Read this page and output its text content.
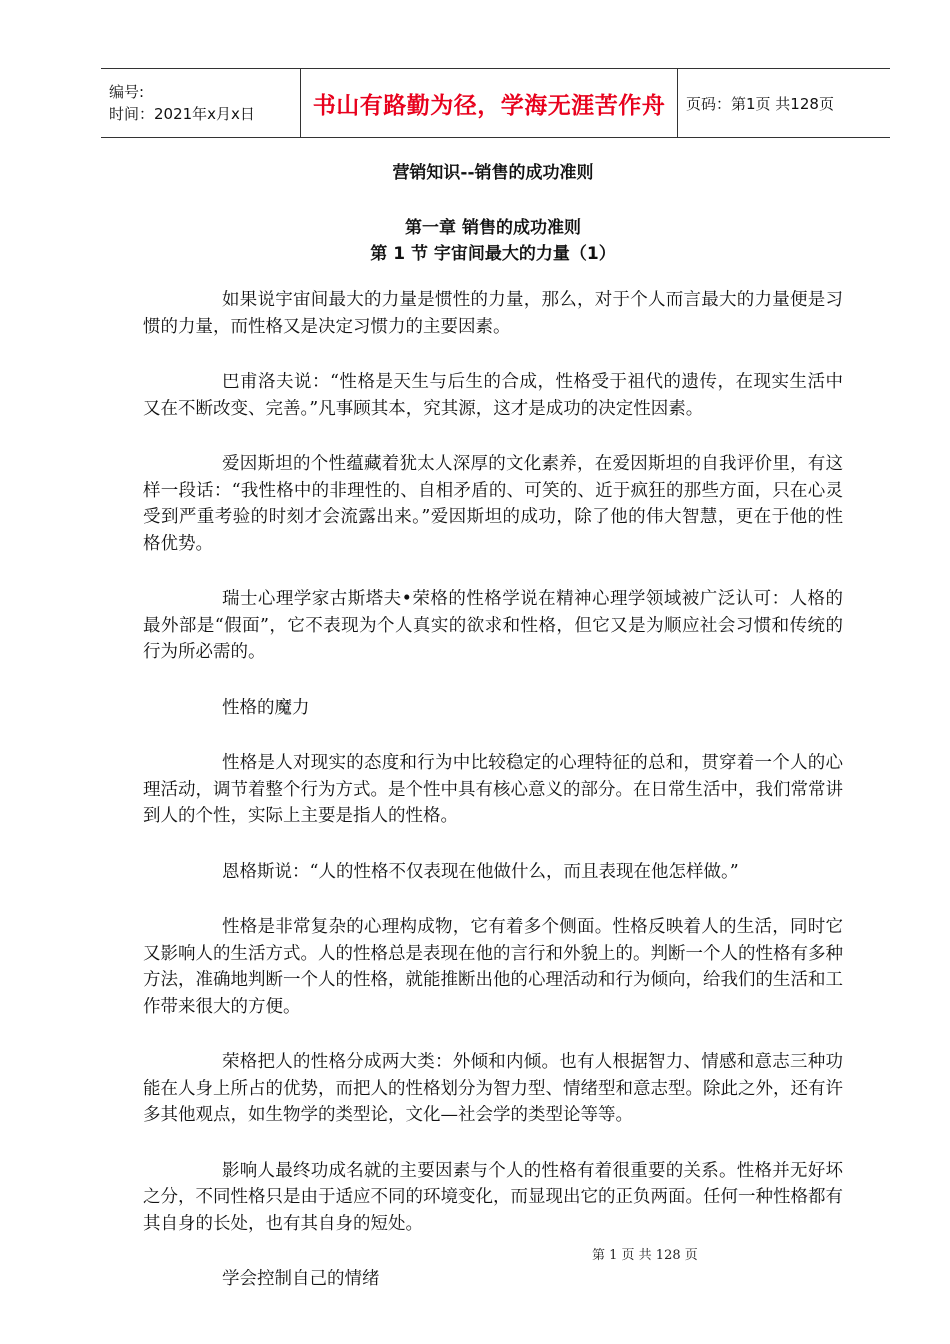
编号:
时间：2021年x月x日	书山有路勤为径，学海无涯苦作舟 页码：第1页 共128页
营销知识--销售的成功准则
第一章 销售的成功准则
第 1 节 宇宙间最大的力量（1）

如果说宇宙间最大的力量是惯性的力量，那么，对于个人而言最大的力量便是习惯的力量，而性格又是决定习惯力的主要因素。

巴甫洛夫说：“性格是天生与后生的合成，性格受于祖代的遗传，在现实生活中又在不断改变、完善。”凡事顾其本，究其源，这才是成功的决定性因素。

爱因斯坦的个性蕴藏着犹太人深厚的文化素养，在爱因斯坦的自我评价里，有这样一段话：“我性格中的非理性的、自相矛盾的、可笑的、近于疯狂的那些方面，只在心灵受到严重考验的时刻才会流露出来。”爱因斯坦的成功，除了他的伟大智慧，更在于他的性格优势。

瑞士心理学家古斯塔夫•荣格的性格学说在精神心理学领域被广泛认可：人格的最外部是“假面”，它不表现为个人真实的欲求和性格，但它又是为顺应社会习惯和传统的行为所必需的。

性格的魔力

性格是人对现实的态度和行为中比较稳定的心理特征的总和，贯穿着一个人的心理活动，调节着整个行为方式。是个性中具有核心意义的部分。在日常生活中，我们常常讲到人的个性，实际上主要是指人的性格。

恩格斯说：“人的性格不仅表现在他做什么，而且表现在他怎样做。”

性格是非常复杂的心理构成物，它有着多个侧面。性格反映着人的生活，同时它又影响人的生活方式。人的性格总是表现在他的言行和外貌上的。判断一个人的性格有多种方法，准确地判断一个人的性格，就能推断出他的心理活动和行为倾向，给我们的生活和工作带来很大的方便。

荣格把人的性格分成两大类：外倾和内倾。也有人根据智力、情感和意志三种功能在人身上所占的优势，而把人的性格划分为智力型、情绪型和意志型。除此之外，还有许多其他观点，如生物学的类型论，文化—社会学的类型论等等。

影响人最终功成名就的主要因素与个人的性格有着很重要的关系。性格并无好坏之分，不同性格只是由于适应不同的环境变化，而显现出它的正负两面。任何一种性格都有其自身的长处，也有其自身的短处。

学会控制自己的情绪

第 1 页 共 128 页
